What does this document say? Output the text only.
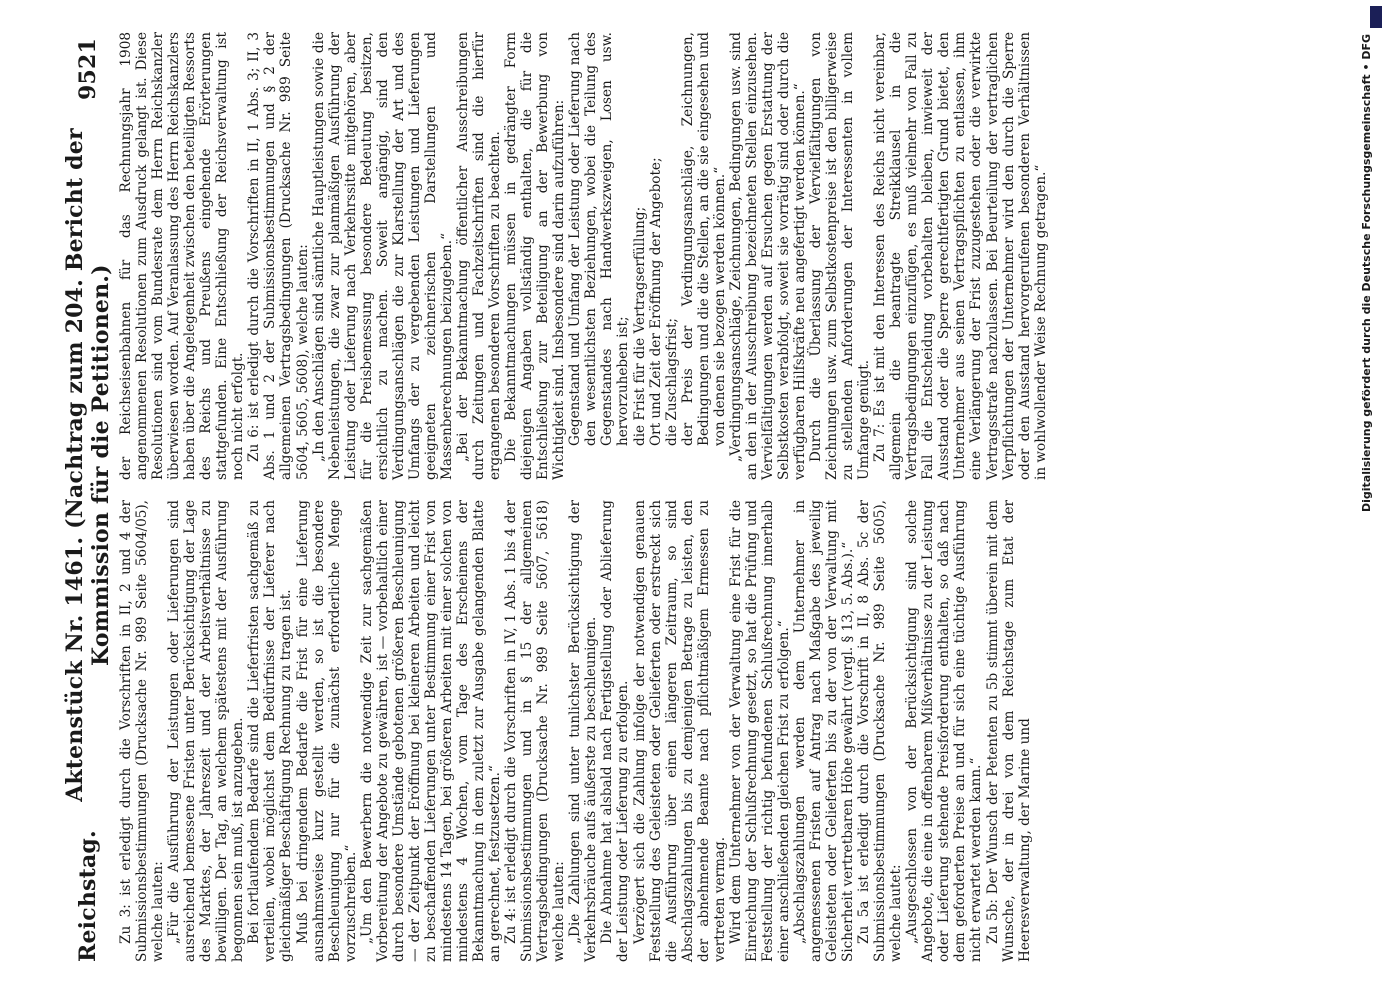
Reichstag.
Aktenstück Nr. 1461. (Nachtrag zum 204. Bericht der Kommission für die Petitionen.)
9521

Zu 3: ist erledigt durch die Vorschriften in II, 2 und 4 der Submissionsbestimmungen (Drucksache Nr. 989 Seite 5604/05), welche lauten: „Für die Ausführung der Leistungen oder Lieferungen sind ausreichend bemessene Fristen unter Berücksichtigung der Lage des Marktes, der Jahreszeit und der Arbeitsverhältnisse zu bewilligen. Der Tag, an welchem spätestens mit der Ausführung begonnen sein muß, ist anzugeben. Bei fortlaufendem Bedarfe sind die Lieferfristen sachgemäß zu verteilen, wobei möglichst dem Bedürfnisse der Lieferer nach gleichmäßiger Beschäftigung Rechnung zu tragen ist. Muß bei dringendem Bedarfe die Frist für eine Lieferung ausnahmsweise kurz gestellt werden, so ist die besondere Beschleunigung nur für die zunächst erforderliche Menge vorzuschreiben.“ „Um den Bewerbern die notwendige Zeit zur sachgemäßen Vorbereitung der Angebote zu gewähren, ist — vorbehaltlich einer durch besondere Umstände gebotenen größeren Beschleunigung — der Zeitpunkt der Eröffnung bei kleineren Arbeiten und leicht zu beschaffenden Lieferungen unter Bestimmung einer Frist von mindestens 14 Tagen, bei größeren Arbeiten mit einer solchen von mindestens 4 Wochen, vom Tage des Erscheinens der Bekanntmachung in dem zuletzt zur Ausgabe gelangenden Blatte an gerechnet, festzusetzen.“ Zu 4: ist erledigt durch die Vorschriften in IV, 1 Abs. 1 bis 4 der Submissionsbestimmungen und in § 15 der allgemeinen Vertragsbedingungen (Drucksache Nr. 989 Seite 5607, 5618) welche lauten: „Die Zahlungen sind unter tunlichster Berücksichtigung der Verkehrsbräuche aufs äußerste zu beschleunigen. Die Abnahme hat alsbald nach Fertigstellung oder Ablieferung der Leistung oder Lieferung zu erfolgen. Verzögert sich die Zahlung infolge der notwendigen genauen Feststellung des Geleisteten oder Gelieferten oder erstreckt sich die Ausführung über einen längeren Zeitraum, so sind Abschlagszahlungen bis zu demjenigen Betrage zu leisten, den der abnehmende Beamte nach pflichtmäßigem Ermessen zu vertreten vermag. Wird dem Unternehmer von der Verwaltung eine Frist für die Einreichung der Schlußrechnung gesetzt, so hat die Prüfung und Feststellung der richtig befundenen Schlußrechnung innerhalb einer anschließenden gleichen Frist zu erfolgen.“ „Abschlagszahlungen werden dem Unternehmer in angemessenen Fristen auf Antrag nach Maßgabe des jeweilig Geleisteten oder Gelieferten bis zu der von der Verwaltung mit Sicherheit vertretbaren Höhe gewährt (vergl. § 13, 5. Abs.).“ Zu 5a ist erledigt durch die Vorschrift in II, 8 Abs. 5c der Submissionsbestimmungen (Drucksache Nr. 989 Seite 5605), welche lautet: „Ausgeschlossen von der Berücksichtigung sind solche Angebote, die eine in offenbarem Mißverhältnisse zu der Leistung oder Lieferung stehende Preisforderung enthalten, so daß nach dem geforderten Preise an und für sich eine tüchtige Ausführung nicht erwartet werden kann.“ Zu 5b: Der Wunsch der Petenten zu 5b stimmt überein mit dem Wunsche, der in drei von dem Reichstage zum Etat der Heeresverwaltung, der Marine und

der Reichseisenbahnen für das Rechnungsjahr 1908 angenommenen Resolutionen zum Ausdruck gelangt ist. Diese Resolutionen sind vom Bundesrate dem Herrn Reichskanzler überwiesen worden. Auf Veranlassung des Herrn Reichskanzlers haben über die Angelegenheit zwischen den beteiligten Ressorts des Reichs und Preußens eingehende Erörterungen stattgefunden. Eine Entschließung der Reichsverwaltung ist noch nicht erfolgt. Zu 6: ist erledigt durch die Vorschriften in II, 1 Abs. 3; II, 3 Abs. 1 und 2 der Submissionsbestimmungen und § 2 der allgemeinen Vertragsbedingungen (Drucksache Nr. 989 Seite 5604, 5605, 5608), welche lauten: „In den Anschlägen sind sämtliche Hauptleistungen sowie die Nebenleistungen, die zwar zur planmäßigen Ausführung der Leistung oder Lieferung nach Verkehrssitte mitgehören, aber für die Preisbemessung besondere Bedeutung besitzen, ersichtlich zu machen. Soweit angängig, sind den Verdingungsanschlägen die zur Klarstellung der Art und des Umfangs der zu vergebenden Leistungen und Lieferungen geeigneten zeichnerischen Darstellungen und Massenberechnungen beizugeben.“ „Bei der Bekanntmachung öffentlicher Ausschreibungen durch Zeitungen und Fachzeitschriften sind die hierfür ergangenen besonderen Vorschriften zu beachten. Die Bekanntmachungen müssen in gedrängter Form diejenigen Angaben vollständig enthalten, die für die Entschließung zur Beteiligung an der Bewerbung von Wichtigkeit sind. Insbesondere sind darin aufzuführen: Gegenstand und Umfang der Leistung oder Lieferung nach den wesentlichsten Beziehungen, wobei die Teilung des Gegenstandes nach Handwerkszweigen, Losen usw. hervorzuheben ist; die Frist für die Vertragserfüllung; Ort und Zeit der Eröffnung der Angebote; die Zuschlagsfrist; der Preis der Verdingungsanschläge, Zeichnungen, Bedingungen und die die Stellen, an die sie eingesehen und von denen sie bezogen werden können.“ „Verdingungsanschläge, Zeichnungen, Bedingungen usw. sind an den in der Ausschreibung bezeichneten Stellen einzusehen. Vervielfältigungen werden auf Ersuchen gegen Erstattung der Selbstkosten verabfolgt, soweit sie vorrätig sind oder durch die verfügbaren Hilfskräfte neu angefertigt werden können.“ Durch die Überlassung der Vervielfältigungen von Zeichnungen usw. zum Selbstkostenpreise ist den billigerweise zu stellenden Anforderungen der Interessenten in vollem Umfange genügt. Zu 7: Es ist mit den Interessen des Reichs nicht vereinbar, allgemein die beantragte Streikklausel in die Vertragsbedingungen einzufügen, es muß vielmehr von Fall zu Fall die Entscheidung vorbehalten bleiben, inwieweit der Ausstand oder die Sperre gerechtfertigten Grund bietet, den Unternehmer aus seinen Vertragspflichten zu entlassen, ihm eine Verlängerung der Frist zuzugestehen oder die verwirkte Vertragsstrafe nachzulassen. Bei Beurteilung der vertraglichen Verpflichtungen der Unternehmer wird den durch die Sperre oder den Ausstand hervorgerufenen besonderen Verhältnissen in wohlwollender Weise Rechnung getragen.“	Digitalisierung gefördert durch die Deutsche Forschungsgemeinschaft • DFG
